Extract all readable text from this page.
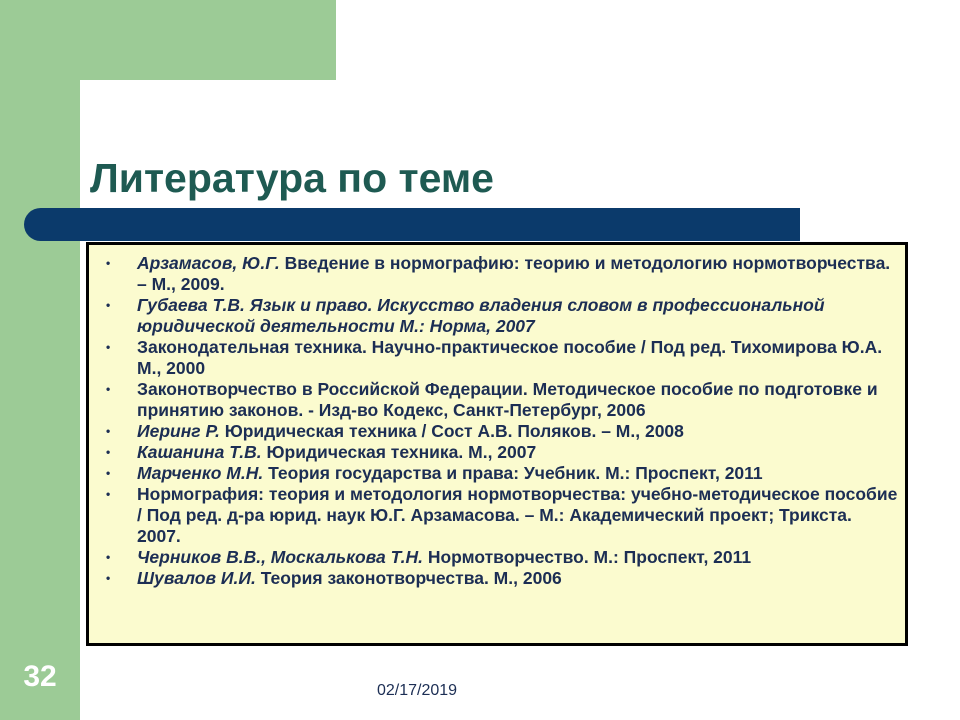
Литература по теме
• Арзамасов, Ю.Г. Введение в нормографию: теорию и методологию нормотворчества. – М., 2009.
• Губаева Т.В. Язык и право. Искусство владения словом в профессиональной юридической деятельности М.: Норма, 2007
• Законодательная техника. Научно-практическое пособие / Под ред. Тихомирова Ю.А. М., 2000
• Законотворчество в Российской Федерации. Методическое пособие по подготовке и принятию законов. - Изд-во Кодекс, Санкт-Петербург, 2006
• Иеринг Р. Юридическая техника / Сост А.В. Поляков. – М., 2008
• Кашанина Т.В. Юридическая техника. М., 2007
• Марченко М.Н. Теория государства и права: Учебник. М.: Проспект, 2011
• Нормография: теория и методология нормотворчества: учебно-методическое пособие / Под ред. д-ра юрид. наук Ю.Г. Арзамасова. – М.: Академический проект; Трикста. 2007.
• Черников В.В., Москалькова Т.Н. Нормотворчество. М.: Проспект, 2011
• Шувалов И.И. Теория законотворчества. М., 2006
32	02/17/2019
